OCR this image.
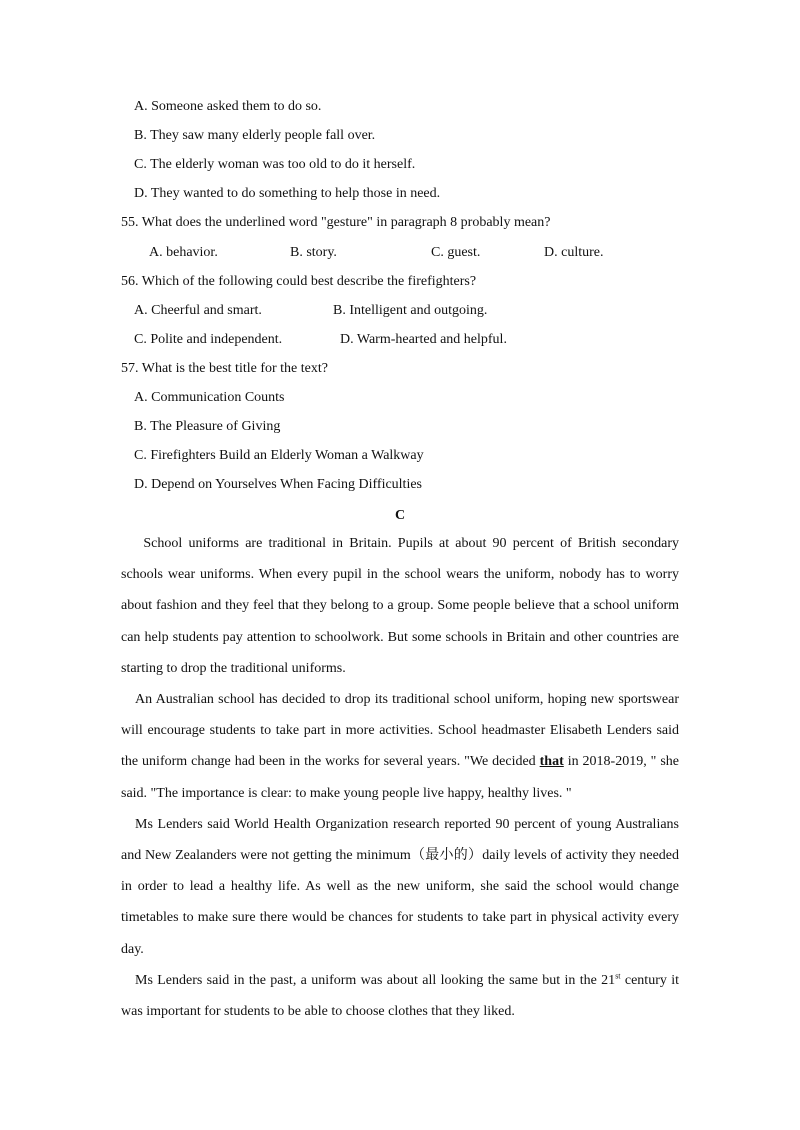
A. Someone asked them to do so.
B. They saw many elderly people fall over.
C. The elderly woman was too old to do it herself.
D. They wanted to do something to help those in need.
55. What does the underlined word "gesture" in paragraph 8 probably mean?
A. behavior.	B. story.	C. guest.	D. culture.
56. Which of the following could best describe the firefighters?
A. Cheerful and smart.	B. Intelligent and outgoing.
C. Polite and independent.	D. Warm-hearted and helpful.
57. What is the best title for the text?
A. Communication Counts
B. The Pleasure of Giving
C. Firefighters Build an Elderly Woman a Walkway
D. Depend on Yourselves When Facing Difficulties
C

School uniforms are traditional in Britain. Pupils at about 90 percent of British secondary schools wear uniforms. When every pupil in the school wears the uniform, nobody has to worry about fashion and they feel that they belong to a group. Some people believe that a school uniform can help students pay attention to schoolwork. But some schools in Britain and other countries are starting to drop the traditional uniforms.

An Australian school has decided to drop its traditional school uniform, hoping new sportswear will encourage students to take part in more activities. School headmaster Elisabeth Lenders said the uniform change had been in the works for several years. "We decided that in 2018-2019, " she said. "The importance is clear: to make young people live happy, healthy lives. "

Ms Lenders said World Health Organization research reported 90 percent of young Australians and New Zealanders were not getting the minimum（最小的）daily levels of activity they needed in order to lead a healthy life. As well as the new uniform, she said the school would change timetables to make sure there would be chances for students to take part in physical activity every day.

Ms Lenders said in the past, a uniform was about all looking the same but in the 21st century it was important for students to be able to choose clothes that they liked.
